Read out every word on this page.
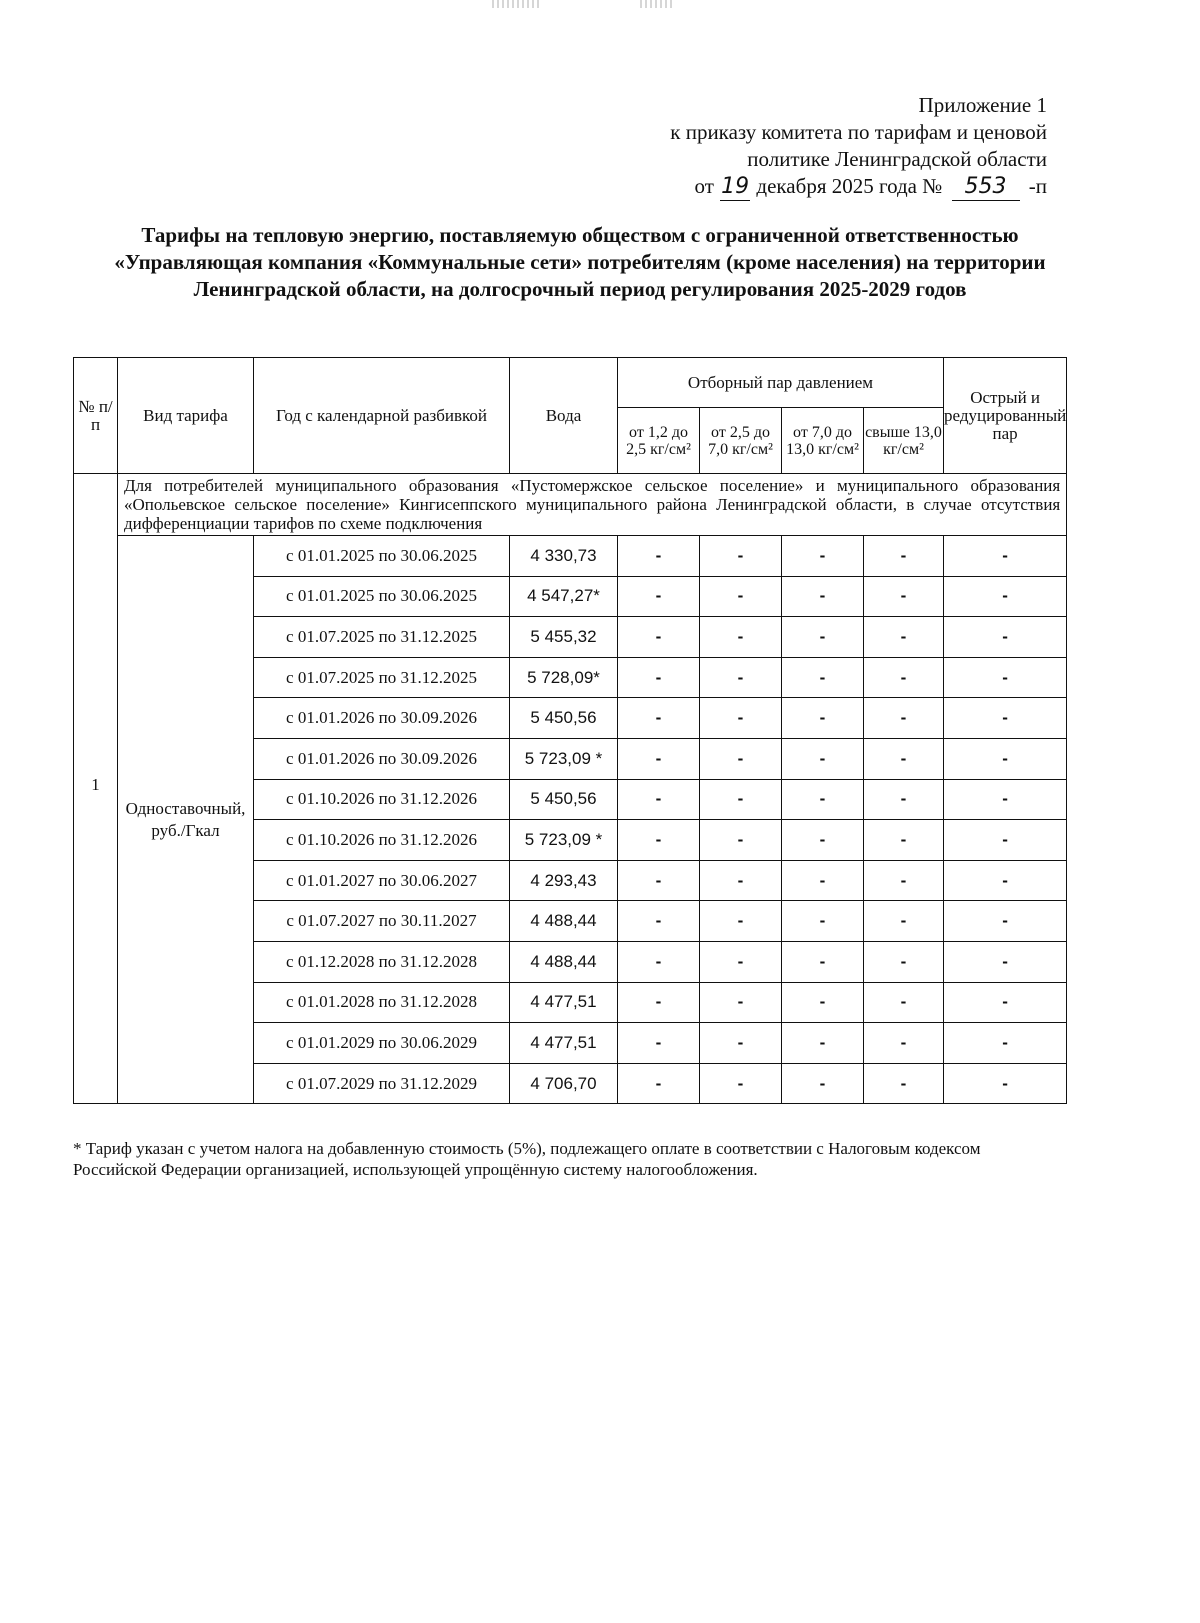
Приложение 1
к приказу комитета по тарифам и ценовой
политике Ленинградской области
от 19 декабря 2025 года № 553 -п
Тарифы на тепловую энергию, поставляемую обществом с ограниченной ответственностью «Управляющая компания «Коммунальные сети» потребителям (кроме населения) на территории Ленинградской области, на долгосрочный период регулирования 2025-2029 годов
№ п/ п	Вид тарифа	Год с календарной разбивкой	Вода	Отборный пар давлением				Острый и редуцированный пар
				от 1,2 до 2,5 кг/см²	от 2,5 до 7,0 кг/см²	от 7,0 до 13,0 кг/см²	свыше 13,0 кг/см²	
1	Для потребителей муниципального образования «Пустомержское сельское поселение» и муниципального образования «Опольевское сельское поселение» Кингисеппского муниципального района Ленинградской области, в случае отсутствия дифференциации тарифов по схеме подключения							
	Одноставочный, руб./Гкал	с 01.01.2025 по 30.06.2025	4 330,73	-	-	-	-	-
		с 01.01.2025 по 30.06.2025	4 547,27*	-	-	-	-	-
		с 01.07.2025 по 31.12.2025	5 455,32	-	-	-	-	-
		с 01.07.2025 по 31.12.2025	5 728,09*	-	-	-	-	-
		с 01.01.2026 по 30.09.2026	5 450,56	-	-	-	-	-
		с 01.01.2026 по 30.09.2026	5 723,09 *	-	-	-	-	-
		с 01.10.2026 по 31.12.2026	5 450,56	-	-	-	-	-
		с 01.10.2026 по 31.12.2026	5 723,09 *	-	-	-	-	-
		с 01.01.2027 по 30.06.2027	4 293,43	-	-	-	-	-
		с 01.07.2027 по 30.11.2027	4 488,44	-	-	-	-	-
		с 01.12.2028 по 31.12.2028	4 488,44	-	-	-	-	-
		с 01.01.2028 по 31.12.2028	4 477,51	-	-	-	-	-
		с 01.01.2029 по 30.06.2029	4 477,51	-	-	-	-	-
		с 01.07.2029 по 31.12.2029	4 706,70	-	-	-	-	-
* Тариф указан с учетом налога на добавленную стоимость (5%), подлежащего оплате в соответствии с Налоговым кодексом Российской Федерации организацией, использующей упрощённую систему налогообложения.
